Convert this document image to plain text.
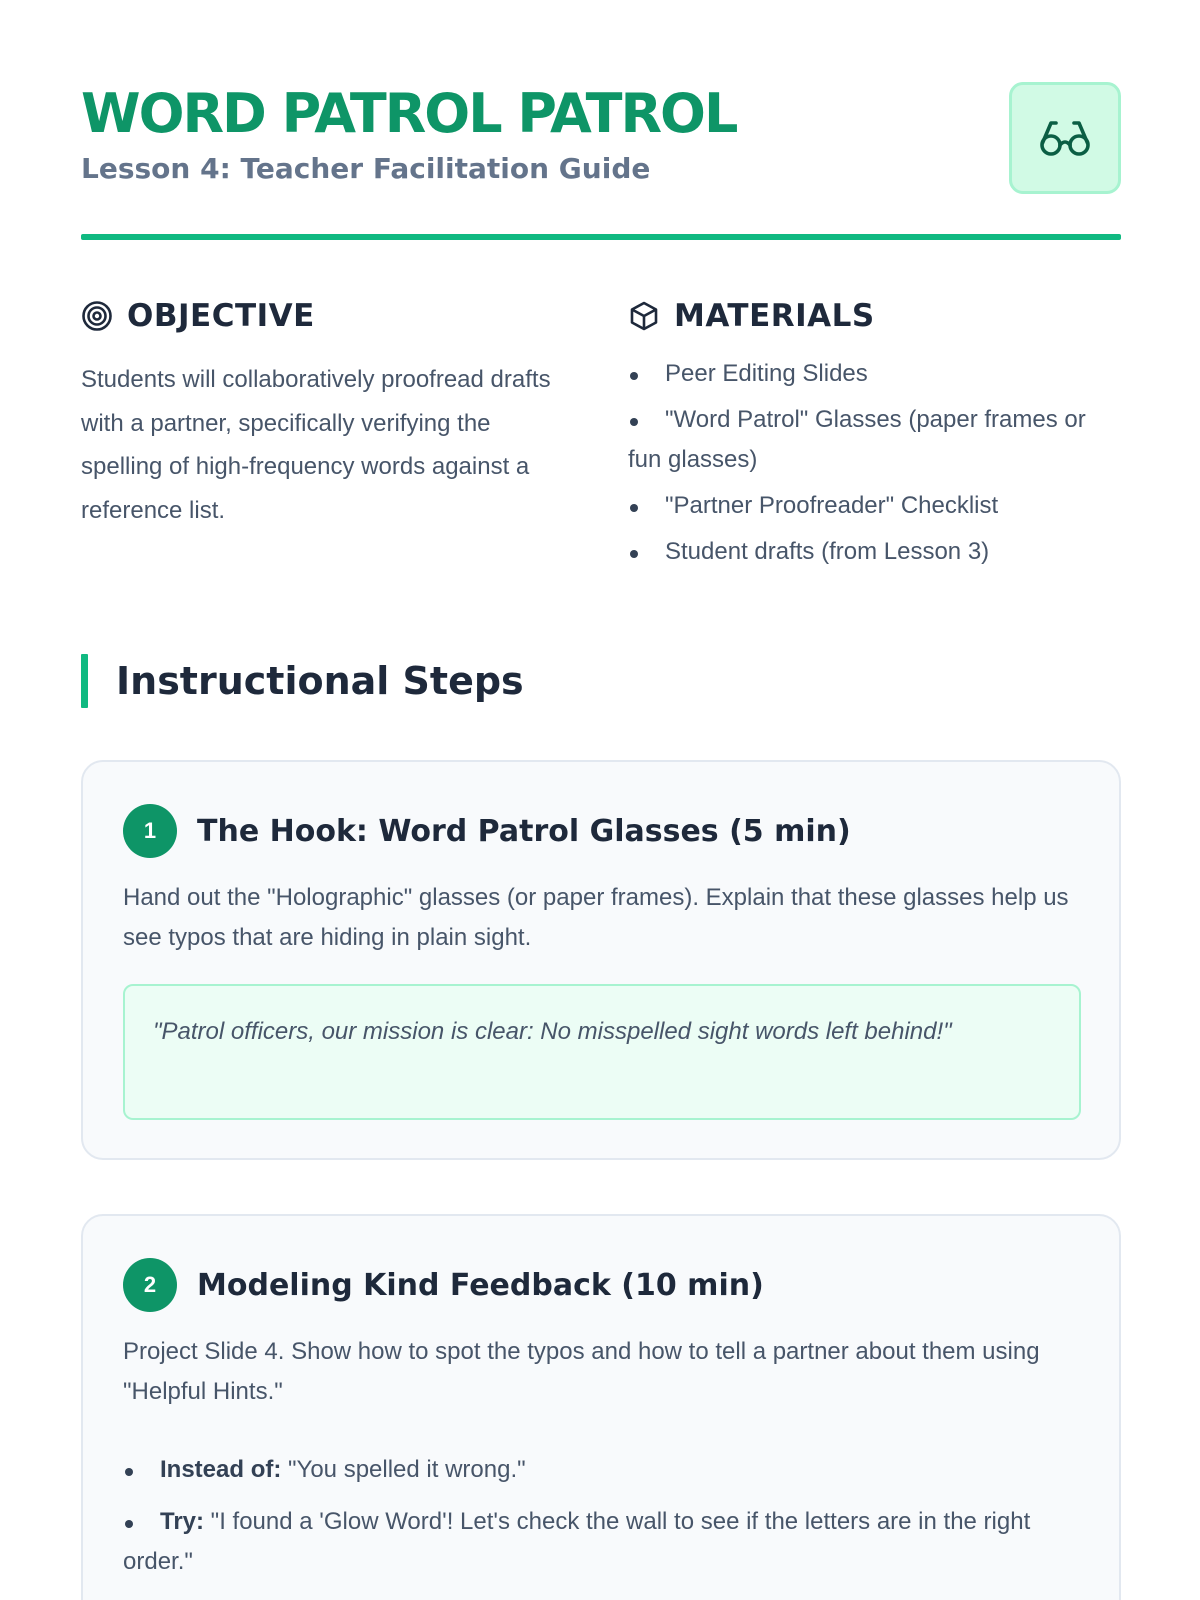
WORD PATROL PATROL
Lesson 4: Teacher Facilitation Guide
OBJECTIVE

Students will collaboratively proofread drafts with a partner, specifically verifying the spelling of high-frequency words against a reference list.

MATERIALS
Peer Editing Slides
"Word Patrol" Glasses (paper frames or fun glasses)
"Partner Proofreader" Checklist
Student drafts (from Lesson 3)
Instructional Steps
1	The Hook: Word Patrol Glasses (5 min)

Hand out the "Holographic" glasses (or paper frames). Explain that these glasses help us see typos that are hiding in plain sight.

"Patrol officers, our mission is clear: No misspelled sight words left behind!"
2	Modeling Kind Feedback (10 min)

Project Slide 4. Show how to spot the typos and how to tell a partner about them using "Helpful Hints."

Instead of: "You spelled it wrong."
Try: "I found a 'Glow Word'! Let's check the wall to see if the letters are in the right order."
